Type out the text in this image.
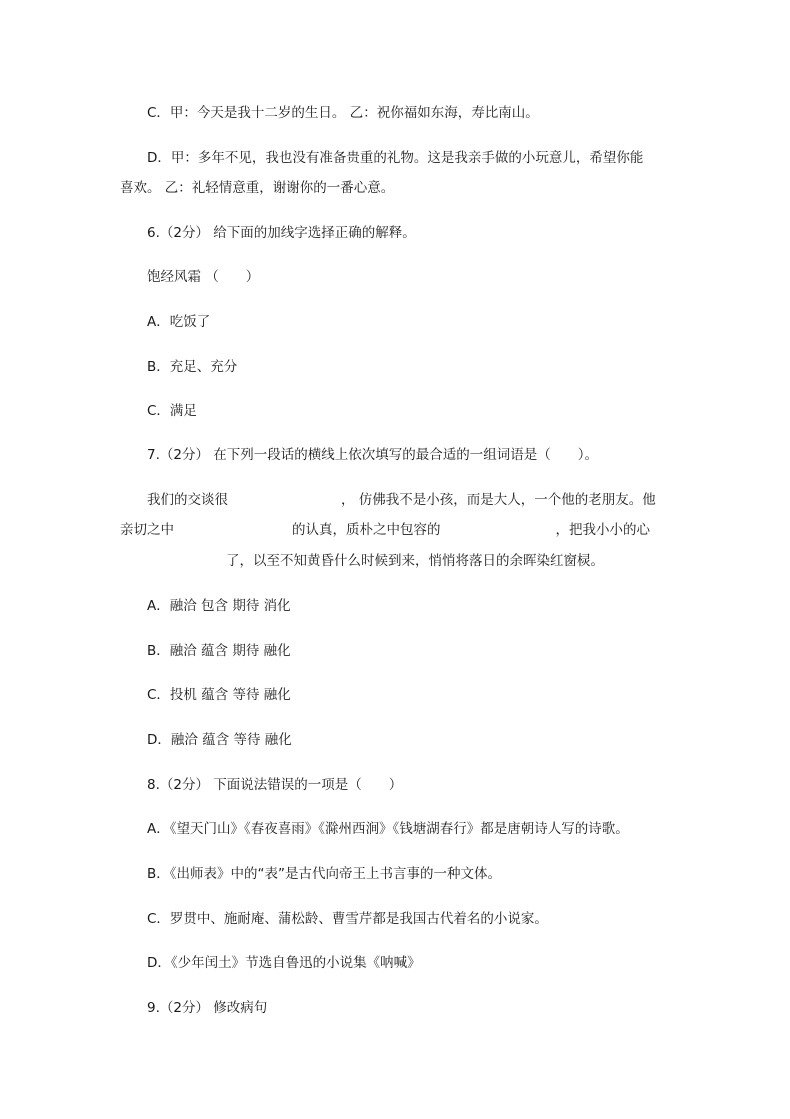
C．甲：今天是我十二岁的生日。 乙：祝你福如东海，寿比南山。
D．甲：多年不见，我也没有准备贵重的礼物。这是我亲手做的小玩意儿，希望你能
喜欢。 乙：礼轻情意重，谢谢你的一番心意。
6.（2分） 给下面的加线字选择正确的解释。
饱经风霜 （　　）
A．吃饭了
B．充足、充分
C．满足
7.（2分） 在下列一段话的横线上依次填写的最合适的一组词语是（　　）。
我们的交谈很	， 仿佛我不是小孩，而是大人，一个他的老朋友。他
亲切之中	的认真，质朴之中包容的	，把我小小的心
了，以至不知黄昏什么时候到来，悄悄将落日的余晖染红窗棂。
A．融洽 包含 期待 消化
B．融洽 蕴含 期待 融化
C．投机 蕴含 等待 融化
D．融洽 蕴含 等待 融化
8.（2分） 下面说法错误的一项是（　　）
A．《望天门山》《春夜喜雨》《滁州西涧》《钱塘湖春行》都是唐朝诗人写的诗歌。
B．《出师表》中的“表”是古代向帝王上书言事的一种文体。
C．罗贯中、施耐庵、蒲松龄、曹雪芹都是我国古代着名的小说家。
D．《少年闰土》节选自鲁迅的小说集《呐喊》
9.（2分） 修改病句
